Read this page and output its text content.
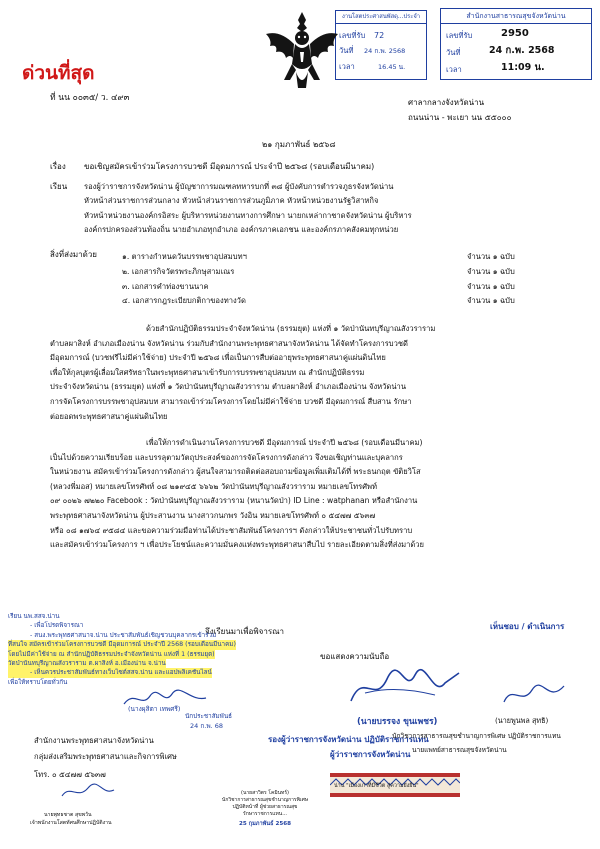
งานโสตประศาสนพัสดุ...ประจำ
เลขที่รับ 72
วันที่ 24 ก.พ. 2568
เวลา	16.45 น.
สำนักงานสาธารณสุขจังหวัดน่าน
เลขที่รับ	2950
วันที่	24 ก.พ. 2568
เวลา	11:09 น.
ด่วนที่สุด
ที่ นน ๐๐๓๕/ ว. ๔๙๓	ศาลากลางจังหวัดน่าน
ถนนน่าน - พะเยา นน ๕๕๐๐๐
๒๑ กุมภาพันธ์ ๒๕๖๘
เรื่อง ขอเชิญสมัครเข้าร่วมโครงการบวชดี มีอุดมการณ์ ประจำปี ๒๕๖๘ (รอบเดือนมีนาคม)
เรียน รองผู้ว่าราชการจังหวัดน่าน ผู้บัญชาการมณฑลทหารบกที่ ๓๘ ผู้บังคับการตำรวจภูธรจังหวัดน่าน
หัวหน้าส่วนราชการส่วนกลาง หัวหน้าส่วนราชการส่วนภูมิภาค หัวหน้าหน่วยงานรัฐวิสาหกิจ
หัวหน้าหน่วยงานองค์กรอิสระ ผู้บริหารหน่วยงานทางการศึกษา นายกเหล่ากาชาดจังหวัดน่าน ผู้บริหาร
องค์กรปกครองส่วนท้องถิ่น นายอำเภอทุกอำเภอ องค์กรภาคเอกชน และองค์กรภาคสังคมทุกหน่วย
สิ่งที่ส่งมาด้วย	๑. ตารางกำหนดวันบรรพชาอุปสมบทฯ	จำนวน ๑ ฉบับ
๒. เอกสารกิจวัตรพระภิกษุสามเณร	จำนวน ๑ ฉบับ
๓. เอกสารคำท่องขานนาค	จำนวน ๑ ฉบับ
๔. เอกสารกฎระเบียบกติกาของทางวัด	จำนวน ๑ ฉบับ
ด้วยสำนักปฏิบัติธรรมประจำจังหวัดน่าน (ธรรมยุต) แห่งที่ ๑ วัดป่านันทบุรีญาณสังวราราม
ตำบลผาสิงห์ อำเภอเมืองน่าน จังหวัดน่าน ร่วมกับสำนักงานพระพุทธศาสนาจังหวัดน่าน ได้จัดทำโครงการบวชดี
มีอุดมการณ์ (บวชฟรีไม่มีค่าใช้จ่าย) ประจำปี ๒๕๖๘ เพื่อเป็นการสืบต่ออายุพระพุทธศาสนาคู่แผ่นดินไทย
เพื่อให้กุลบุตรผู้เลื่อมใสศรัทธาในพระพุทธศาสนาเข้ารับการบรรพชาอุปสมบท ณ สำนักปฏิบัติธรรม
ประจำจังหวัดน่าน (ธรรมยุต) แห่งที่ ๑ วัดป่านันทบุรีญาณสังวราราม ตำบลผาสิงห์ อำเภอเมืองน่าน จังหวัดน่าน
การจัดโครงการบรรพชาอุปสมบท สามารถเข้าร่วมโครงการโดยไม่มีค่าใช้จ่าย บวชดี มีอุดมการณ์ สืบสาน รักษา
ต่อยอดพระพุทธศาสนาคู่แผ่นดินไทย
เพื่อให้การดำเนินงานโครงการบวชดี มีอุดมการณ์ ประจำปี ๒๕๖๘ (รอบเดือนมีนาคม)
เป็นไปด้วยความเรียบร้อย และบรรลุตามวัตถุประสงค์ของการจัดโครงการดังกล่าว จึงขอเชิญท่านและบุคลากร
ในหน่วยงาน สมัครเข้าร่วมโครงการดังกล่าว ผู้สนใจสามารถติดต่อสอบถามข้อมูลเพิ่มเติมได้ที่ พระธนกฤต ขัติยวิโส
(หลวงพี่มอส) หมายเลขโทรศัพท์ ๐๘ ๒๑๙๔๕ ๖๖๖๒ วัดป่านันทบุรีญาณสังวราราม หมายเลขโทรศัพท์
๐๙ ๐๐๒๖ ๗๒๒๐ Facebook : วัดป่านันทบุรีญาณสังวราราม (หนานวัดป่า) ID Line : watphanan หรือสำนักงาน
พระพุทธศาสนาจังหวัดน่าน ผู้ประสานงาน นางสาวกนกพร วังอิน หมายเลขโทรศัพท์ ๐ ๕๔๗๗ ๕๖๓๗
หรือ ๐๘ ๑๗๖๔ ๙๕๘๔ และขอความร่วมมือท่านได้ประชาสัมพันธ์โครงการฯ ดังกล่าวให้ประชาชนทั่วไปรับทราบ
และสมัครเข้าร่วมโครงการ ฯ เพื่อประโยชน์และความมั่นคงแห่งพระพุทธศาสนาสืบไป รายละเอียดตามสิ่งที่ส่งมาด้วย
จึงเรียนมาเพื่อพิจารณา
ขอแสดงความนับถือ
เรียน นพ.สสจ.น่าน
- เพื่อโปรดพิจารณา
- สนง.พระพุทธศาสนาจ.น่าน ประชาสัมพันธ์เชิญชวนบุคลากรเข้าร่วม
ที่สนใจ สมัครเข้าร่วมโครงการบวชดี มีอุดมการณ์ ประจำปี 2568 (รอบเดือนมีนาคม)
โดยไม่มีค่าใช้จ่าย ณ สำนักปฏิบัติธรรมประจำจังหวัดน่าน แห่งที่ 1 (ธรรมยุต)
วัดป่านันทบุรีญาณสังวราราม ต.ผาสิงห์ อ.เมืองน่าน จ.น่าน
- เห็นควรประชาสัมพันธ์ทางเว็บไซต์สสจ.น่าน และแอปพลิเคชันไลน์

เพื่อให้ทราบโดยทั่วกัน
(นางผุสิตา เทพศรี)
นักประชาสัมพันธ์
24 ก.พ. 68	(นายบรรจง ขุนเพชร)
รองผู้ว่าราชการจังหวัดน่าน ปฏิบัติราชการแทน
ผู้ว่าราชการจังหวัดน่าน
เห็นชอบ / ดำเนินการ
(นายพูนพล สุทธิ)
นักวิชาการสาธารณสุขชำนาญการพิเศษ ปฏิบัติราชการแทน
นายแพทย์สาธารณสุขจังหวัดน่าน
สำนักงานพระพุทธศาสนาจังหวัดน่าน
กลุ่มส่งเสริมพระพุทธศาสนาและกิจการพิเศษ
โทร. ๐ ๕๔๗๗ ๕๖๓๗
นายพุทธชาต สุขพวัน
เจ้าพนักงานโสตทัศนศึกษาปฏิบัติงาน
(นายสาวิตร โคมินทร์)
นักวิชาการสาธารณสุขชำนาญการพิเศษ
ปฏิบัติหน้าที่ ผู้ช่วยสาธารณสุข
รักษาราชการแทน...
25 กุมภาพันธ์ 2568
น่าน "เมืองเก่าที่มีชีวิต สู่ความยั่งยืน"
